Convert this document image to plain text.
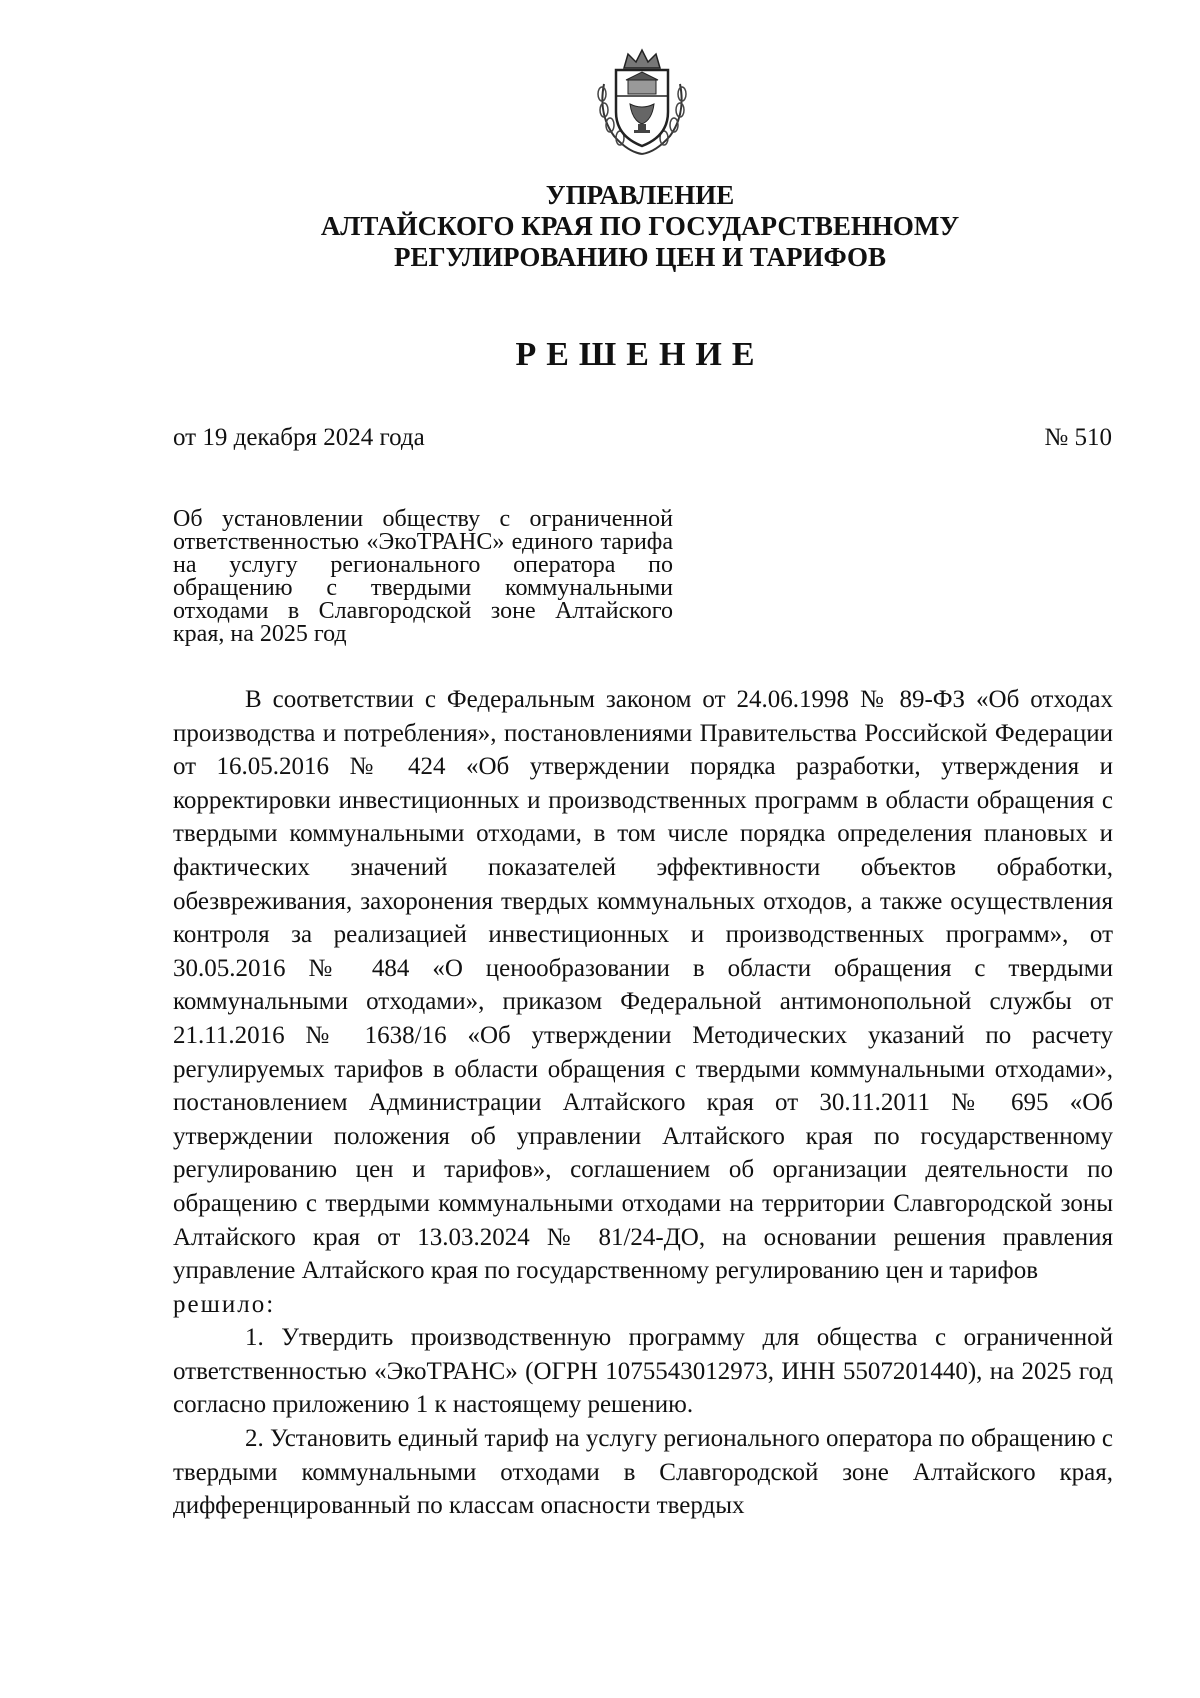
УПРАВЛЕНИЕ
АЛТАЙСКОГО КРАЯ ПО ГОСУДАРСТВЕННОМУ
РЕГУЛИРОВАНИЮ ЦЕН И ТАРИФОВ
РЕШЕНИЕ
от 19 декабря 2024 года	№ 510
Об установлении обществу с ограниченной ответственностью «ЭкоТРАНС» единого тарифа на услугу регионального оператора по обращению с твердыми коммунальными отходами в Славгородской зоне Алтайского края, на 2025 год

В соответствии с Федеральным законом от 24.06.1998 № 89-ФЗ «Об отходах производства и потребления», постановлениями Правительства Российской Федерации от 16.05.2016 № 424 «Об утверждении порядка разработки, утверждения и корректировки инвестиционных и производственных программ в области обращения с твердыми коммунальными отходами, в том числе порядка определения плановых и фактических значений показателей эффективности объектов обработки, обезвреживания, захоронения твердых коммунальных отходов, а также осуществления контроля за реализацией инвестиционных и производственных программ», от 30.05.2016 № 484 «О ценообразовании в области обращения с твердыми коммунальными отходами», приказом Федеральной антимонопольной службы от 21.11.2016 № 1638/16 «Об утверждении Методических указаний по расчету регулируемых тарифов в области обращения с твердыми коммунальными отходами», постановлением Администрации Алтайского края от 30.11.2011 № 695 «Об утверждении положения об управлении Алтайского края по государственному регулированию цен и тарифов», соглашением об организации деятельности по обращению с твердыми коммунальными отходами на территории Славгородской зоны Алтайского края от 13.03.2024 № 81/24-ДО, на основании решения правления управление Алтайского края по государственному регулированию цен и тарифов

решило:

1. Утвердить производственную программу для общества с ограниченной ответственностью «ЭкоТРАНС» (ОГРН 1075543012973, ИНН 5507201440), на 2025 год согласно приложению 1 к настоящему решению.

2. Установить единый тариф на услугу регионального оператора по обращению с твердыми коммунальными отходами в Славгородской зоне Алтайского края, дифференцированный по классам опасности твердых
